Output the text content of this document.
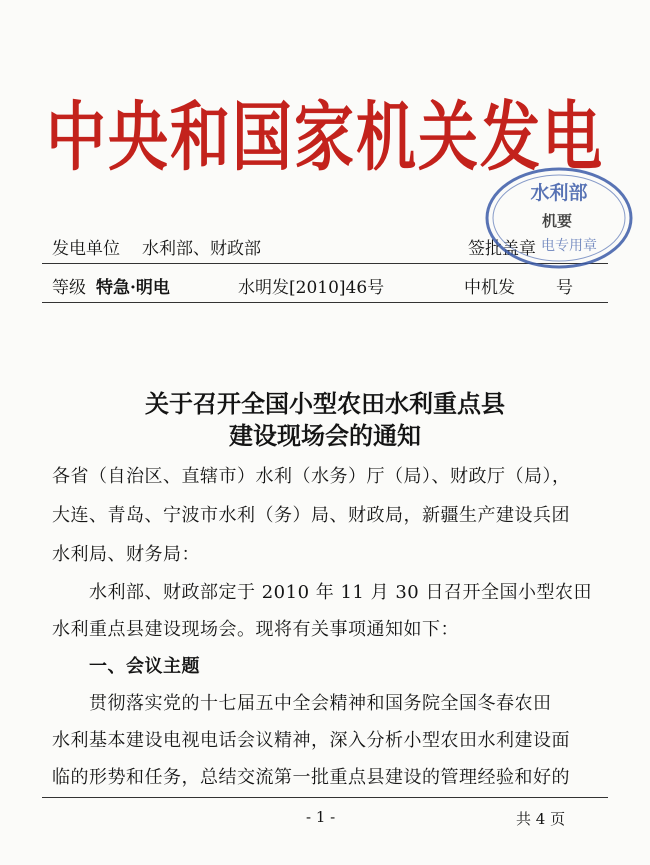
中央和国家机关发电
发电单位 水利部、财政部	签批盖章
等级 特急·明电	水明发[2010]46号	中机发 号
水利部
机要
电专用章
关于召开全国小型农田水利重点县
建设现场会的通知
各省（自治区、直辖市）水利（水务）厅（局）、财政厅（局），
大连、青岛、宁波市水利（务）局、财政局，新疆生产建设兵团
水利局、财务局：
　　水利部、财政部定于 2010 年 11 月 30 日召开全国小型农田
水利重点县建设现场会。现将有关事项通知如下：
　　一、会议主题
　　贯彻落实党的十七届五中全会精神和国务院全国冬春农田
水利基本建设电视电话会议精神，深入分析小型农田水利建设面
临的形势和任务，总结交流第一批重点县建设的管理经验和好的
- 1 -	共 4 页
